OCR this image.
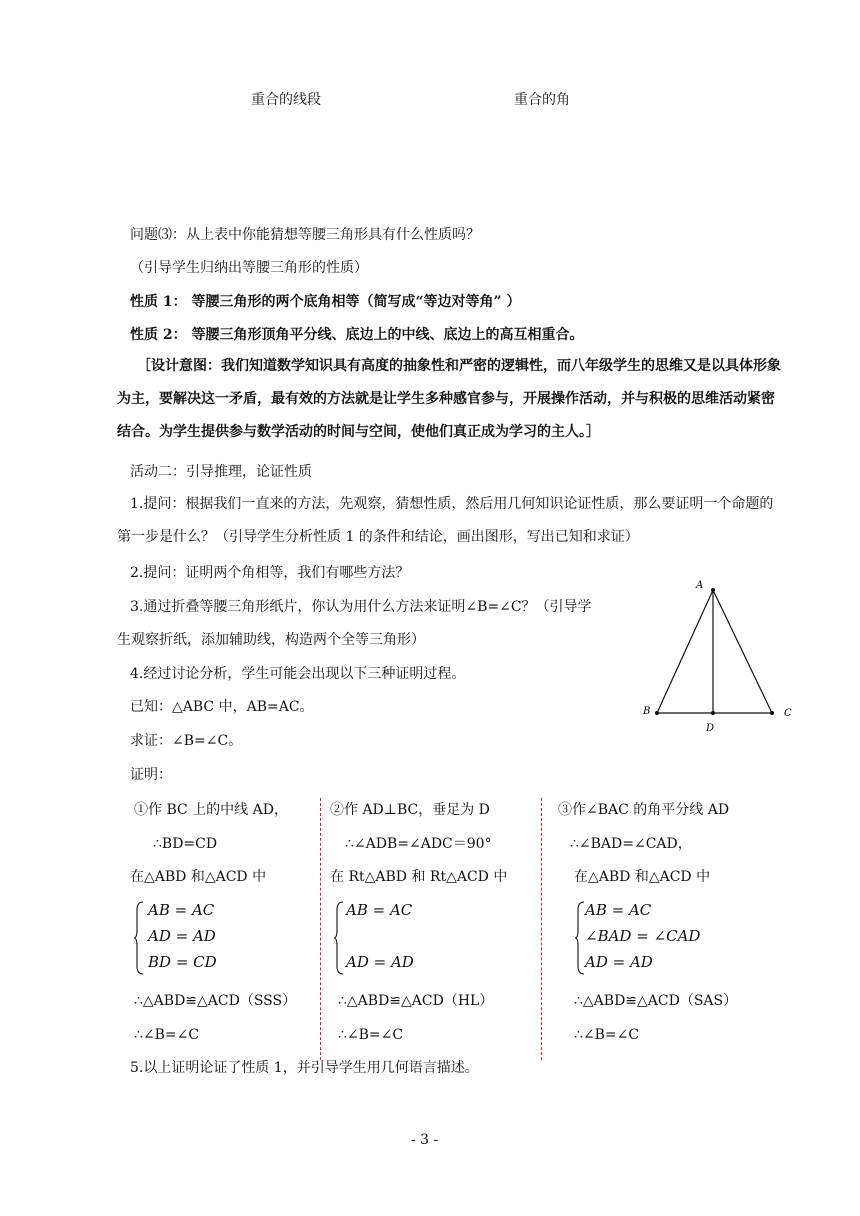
重合的线段	重合的角
问题⑶：从上表中你能猜想等腰三角形具有什么性质吗？
（引导学生归纳出等腰三角形的性质）
性质 1： 等腰三角形的两个底角相等（简写成“等边对等角” ）
性质 2： 等腰三角形顶角平分线、底边上的中线、底边上的高互相重合。
［设计意图：我们知道数学知识具有高度的抽象性和严密的逻辑性，而八年级学生的思维又是以具体形象为主，要解决这一矛盾，最有效的方法就是让学生多种感官参与，开展操作活动，并与积极的思维活动紧密结合。为学生提供参与数学活动的时间与空间，使他们真正成为学习的主人。］
活动二：引导推理，论证性质
1.提问：根据我们一直来的方法，先观察，猜想性质，然后用几何知识论证性质，那么要证明一个命题的第一步是什么？（引导学生分析性质 1 的条件和结论，画出图形，写出已知和求证）
2.提问：证明两个角相等，我们有哪些方法？
3.通过折叠等腰三角形纸片，你认为用什么方法来证明∠B=∠C？（引导学
生观察折纸，添加辅助线，构造两个全等三角形）
4.经过讨论分析，学生可能会出现以下三种证明过程。
已知：△ABC 中，AB=AC。
求证：∠B=∠C。
证明：
A
B	C
D
①作 BC 上的中线 AD，
∴BD=CD
在△ABD 和△ACD 中
AB = AC
AD = AD
BD = CD
∴△ABD≌△ACD（SSS）
∴∠B=∠C
②作 AD⊥BC，垂足为 D
∴∠ADB=∠ADC＝90°
在 Rt△ABD 和 Rt△ACD 中
AB = AC
AD = AD
∴△ABD≌△ACD（HL）
∴∠B=∠C
③作∠BAC 的角平分线 AD
∴∠BAD=∠CAD，
在△ABD 和△ACD 中
AB = AC
∠BAD = ∠CAD
AD = AD
∴△ABD≌△ACD（SAS）
∴∠B=∠C
5.以上证明论证了性质 1，并引导学生用几何语言描述。
- 3 -
